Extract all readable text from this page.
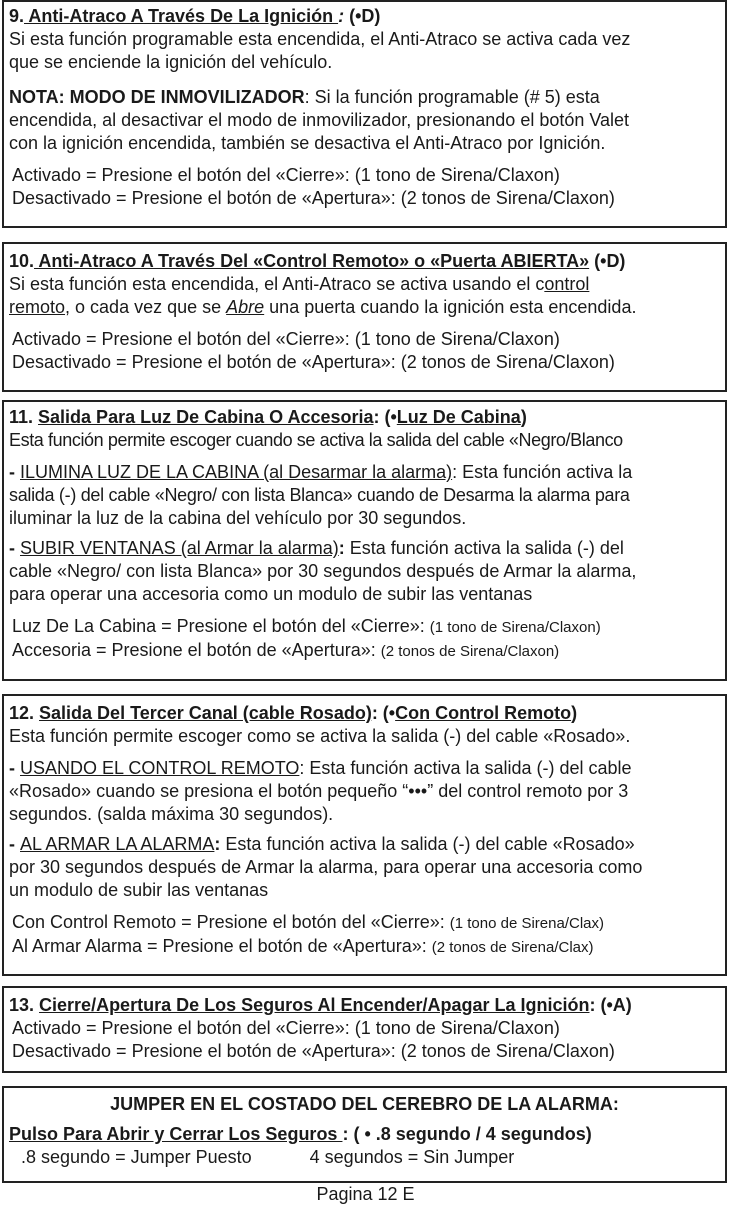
9. Anti-Atraco A Través De La Ignición : (•D)
Si esta función programable esta encendida, el Anti-Atraco se activa cada vez
que se enciende la ignición del vehículo.
NOTA: MODO DE INMOVILIZADOR: Si la función programable (# 5) esta
encendida, al desactivar el modo de inmovilizador, presionando el botón Valet
con la ignición encendida, también se desactiva el Anti-Atraco por Ignición.
Activado = Presione el botón del «Cierre»: (1 tono de Sirena/Claxon)
Desactivado = Presione el botón de «Apertura»: (2 tonos de Sirena/Claxon)
10. Anti-Atraco A Través Del «Control Remoto» o «Puerta ABIERTA» (•D)
Si esta función esta encendida, el Anti-Atraco se activa usando el control
remoto, o cada vez que se Abre una puerta cuando la ignición esta encendida.
Activado = Presione el botón del «Cierre»: (1 tono de Sirena/Claxon)
Desactivado = Presione el botón de «Apertura»: (2 tonos de Sirena/Claxon)
11. Salida Para Luz De Cabina O Accesoria: (•Luz De Cabina)
Esta función permite escoger cuando se activa la salida del cable «Negro/Blanco
- ILUMINA LUZ DE LA CABINA (al Desarmar la alarma): Esta función activa la
salida (-) del cable «Negro/ con lista Blanca» cuando de Desarma la alarma para
iluminar la luz de la cabina del vehículo por 30 segundos.
- SUBIR VENTANAS (al Armar la alarma): Esta función activa la salida (-) del
cable «Negro/ con lista Blanca» por 30 segundos después de Armar la alarma,
para operar una accesoria como un modulo de subir las ventanas
Luz De La Cabina = Presione el botón del «Cierre»: (1 tono de Sirena/Claxon)
Accesoria = Presione el botón de «Apertura»: (2 tonos de Sirena/Claxon)
12. Salida Del Tercer Canal (cable Rosado): (•Con Control Remoto)
Esta función permite escoger como se activa la salida (-) del cable «Rosado».
- USANDO EL CONTROL REMOTO: Esta función activa la salida (-) del cable
«Rosado» cuando se presiona el botón pequeño “•••” del control remoto por 3
segundos. (salda máxima 30 segundos).
- AL ARMAR LA ALARMA: Esta función activa la salida (-) del cable «Rosado»
por 30 segundos después de Armar la alarma, para operar una accesoria como
un modulo de subir las ventanas
Con Control Remoto = Presione el botón del «Cierre»: (1 tono de Sirena/Clax)
Al Armar Alarma = Presione el botón de «Apertura»: (2 tonos de Sirena/Clax)
13. Cierre/Apertura De Los Seguros Al Encender/Apagar La Ignición: (•A)
Activado = Presione el botón del «Cierre»: (1 tono de Sirena/Claxon)
Desactivado = Presione el botón de «Apertura»: (2 tonos de Sirena/Claxon)
JUMPER EN EL COSTADO DEL CEREBRO DE LA ALARMA:
Pulso Para Abrir y Cerrar Los Seguros : ( • .8 segundo / 4 segundos)
.8 segundo = Jumper Puesto	4 segundos = Sin Jumper
Pagina 12 E
